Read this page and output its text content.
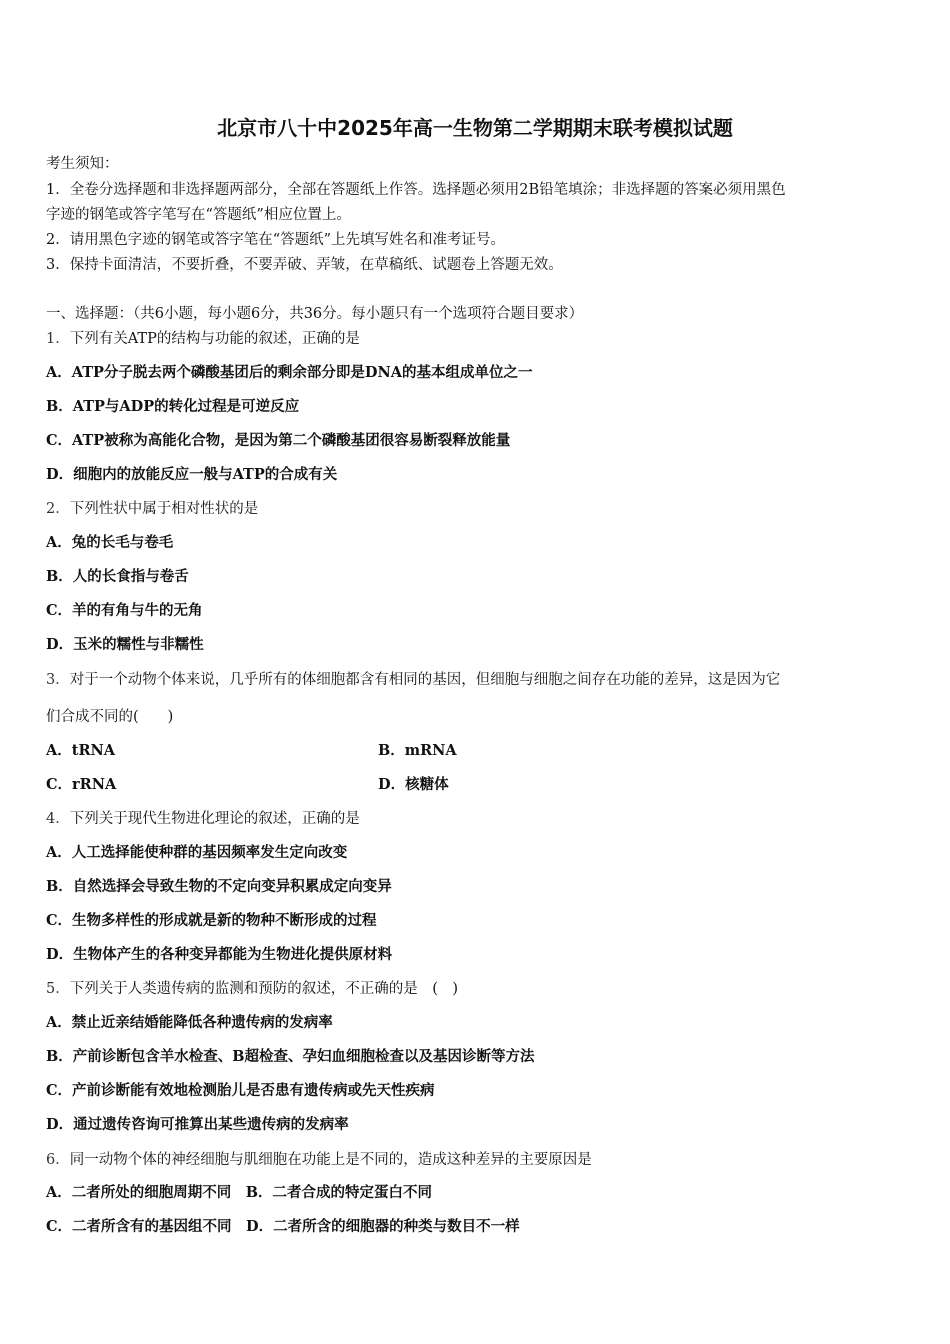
北京市八十中2025年高一生物第二学期期末联考模拟试题
考生须知：
1．全卷分选择题和非选择题两部分，全部在答题纸上作答。选择题必须用2B铅笔填涂；非选择题的答案必须用黑色
字迹的钢笔或答字笔写在“答题纸”相应位置上。
2．请用黑色字迹的钢笔或答字笔在“答题纸”上先填写姓名和准考证号。
3．保持卡面清洁，不要折叠，不要弄破、弄皱，在草稿纸、试题卷上答题无效。
一、选择题：（共6小题，每小题6分，共36分。每小题只有一个选项符合题目要求）
1．下列有关ATP的结构与功能的叙述，正确的是
A．ATP分子脱去两个磷酸基团后的剩余部分即是DNA的基本组成单位之一
B．ATP与ADP的转化过程是可逆反应
C．ATP被称为高能化合物，是因为第二个磷酸基团很容易断裂释放能量
D．细胞内的放能反应一般与ATP的合成有关
2．下列性状中属于相对性状的是
A．兔的长毛与卷毛
B．人的长食指与卷舌
C．羊的有角与牛的无角
D．玉米的糯性与非糯性
3．对于一个动物个体来说，几乎所有的体细胞都含有相同的基因，但细胞与细胞之间存在功能的差异，这是因为它
们合成不同的(　　)
A．tRNA	B．mRNA
C．rRNA	D．核糖体
4．下列关于现代生物进化理论的叙述，正确的是
A．人工选择能使种群的基因频率发生定向改变
B．自然选择会导致生物的不定向变异积累成定向变异
C．生物多样性的形成就是新的物种不断形成的过程
D．生物体产生的各种变异都能为生物进化提供原材料
5．下列关于人类遗传病的监测和预防的叙述，不正确的是　(　)
A．禁止近亲结婚能降低各种遗传病的发病率
B．产前诊断包含羊水检查、B超检查、孕妇血细胞检查以及基因诊断等方法
C．产前诊断能有效地检测胎儿是否患有遗传病或先天性疾病
D．通过遗传咨询可推算出某些遗传病的发病率
6．同一动物个体的神经细胞与肌细胞在功能上是不同的，造成这种差异的主要原因是
A．二者所处的细胞周期不同　B．二者合成的特定蛋白不同
C．二者所含有的基因组不同　D．二者所含的细胞器的种类与数目不一样
